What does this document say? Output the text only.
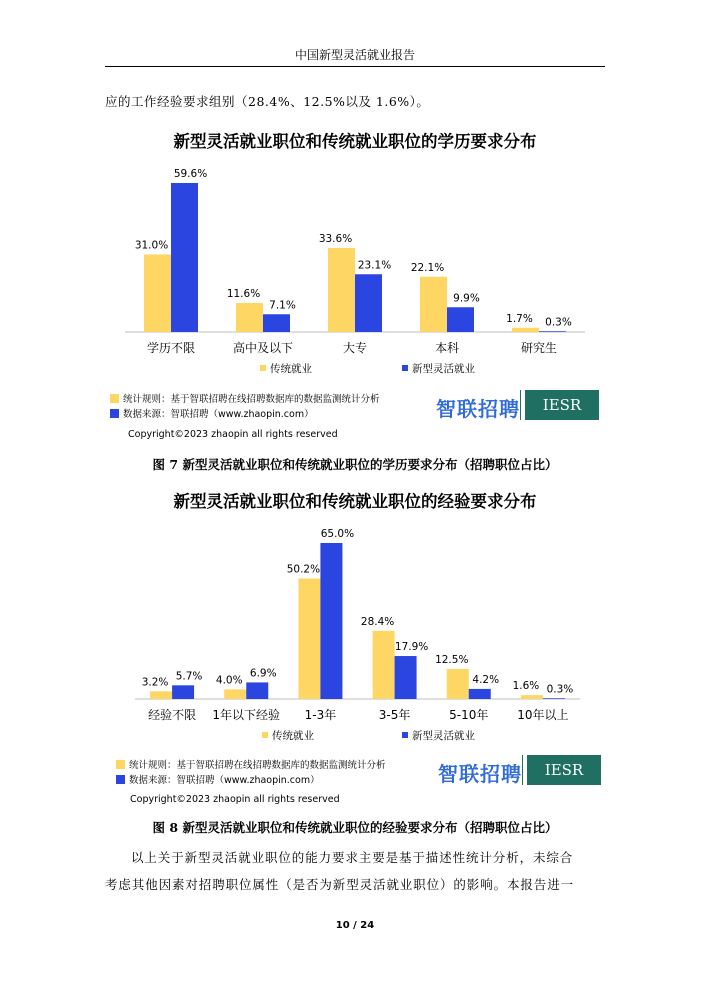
中国新型灵活就业报告
应的工作经验要求组别（28.4%、12.5%以及 1.6%）。
新型灵活就业职位和传统就业职位的学历要求分布
31.0%
59.6%
学历不限
11.6%
7.1%
高中及以下
33.6%
23.1%
大专
22.1%
9.9%
本科
1.7% 0.3%
研究生
传统就业	新型灵活就业
统计规则：基于智联招聘在线招聘数据库的数据监测统计分析
数据来源：智联招聘（www.zhaopin.com）	智联招聘	IESR
Copyright©2023 zhaopin all rights reserved
图 7 新型灵活就业职位和传统就业职位的学历要求分布（招聘职位占比）
新型灵活就业职位和传统就业职位的经验要求分布
3.2% 5.7%
经验不限
4.0%
6.9%
1年以下经验
50.2%
65.0%
1-3年
28.4%
17.9%
3-5年
12.5%
4.2%
5-10年
1.6% 0.3%
10年以上
传统就业	新型灵活就业
统计规则：基于智联招聘在线招聘数据库的数据监测统计分析
数据来源：智联招聘（www.zhaopin.com）	智联招聘	IESR
Copyright©2023 zhaopin all rights reserved
图 8 新型灵活就业职位和传统就业职位的经验要求分布（招聘职位占比）
以上关于新型灵活就业职位的能力要求主要是基于描述性统计分析，未综合
考虑其他因素对招聘职位属性（是否为新型灵活就业职位）的影响。本报告进一
10 / 24
